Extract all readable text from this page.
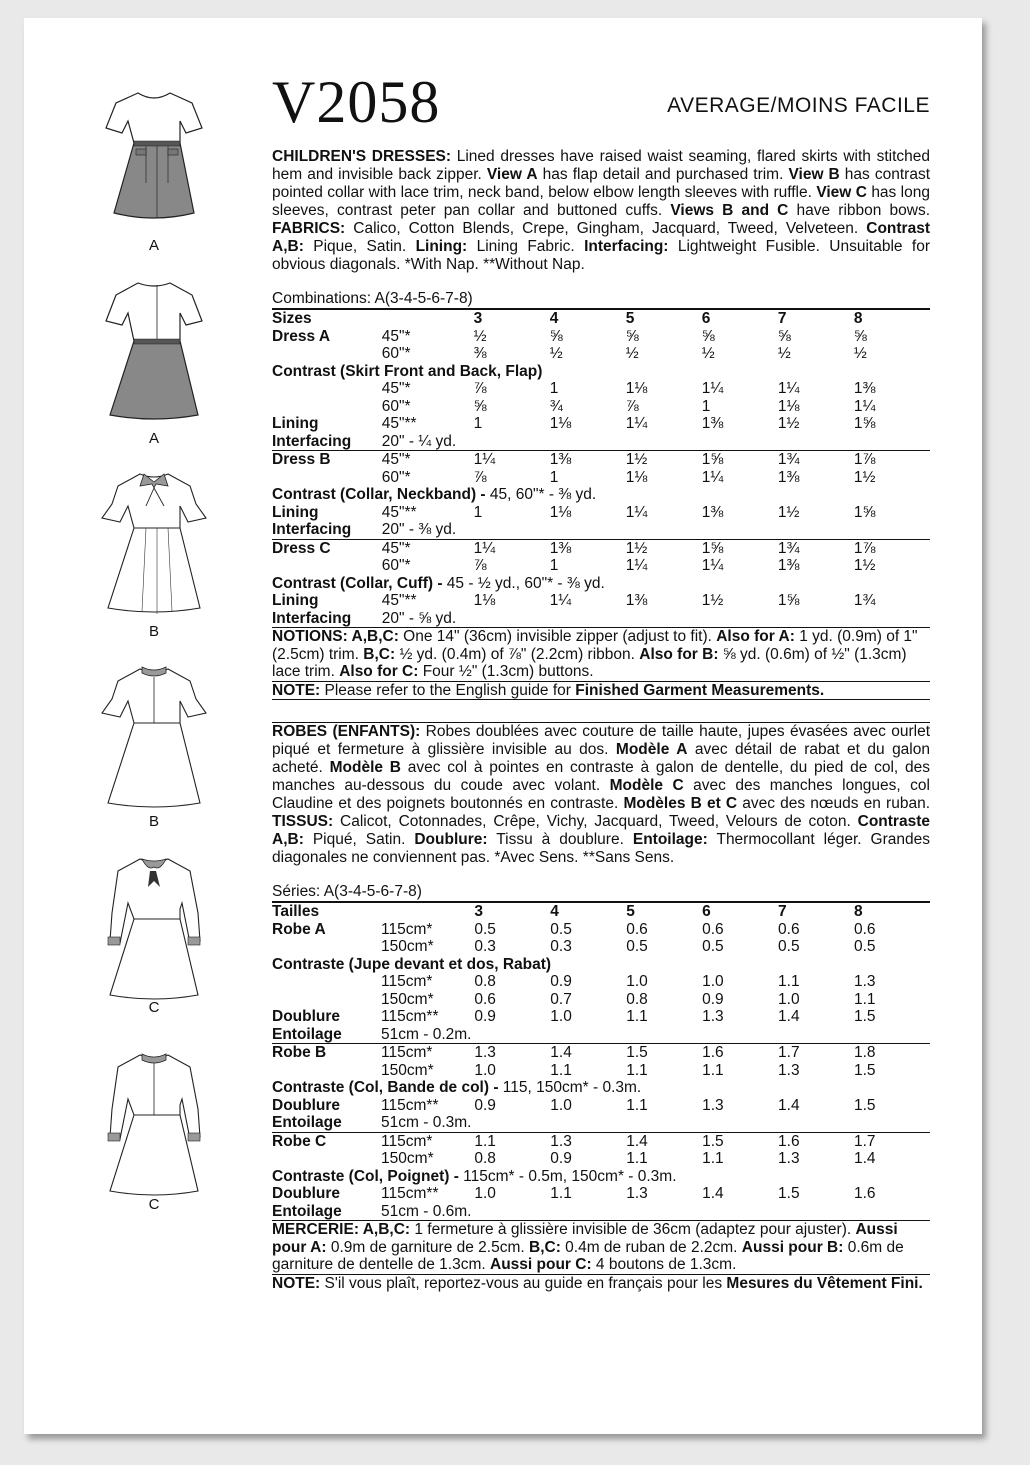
A
A
B
B
C
C
V2058	AVERAGE/MOINS FACILE

CHILDREN'S DRESSES: Lined dresses have raised waist seaming, flared skirts with stitched hem and invisible back zipper. View A has flap detail and purchased trim. View B has contrast pointed collar with lace trim, neck band, below elbow length sleeves with ruffle. View C has long sleeves, contrast peter pan collar and buttoned cuffs. Views B and C have ribbon bows. FABRICS: Calico, Cotton Blends, Crepe, Gingham, Jacquard, Tweed, Velveteen. Contrast A,B: Pique, Satin. Lining: Lining Fabric. Interfacing: Lightweight Fusible. Unsuitable for obvious diagonals. *With Nap. **Without Nap.

Combinations: A(3-4-5-6-7-8)
Sizes		3	4	5	6	7	8
Dress A	45"*	½	⅝	⅝	⅝	⅝	⅝
	60"*	⅜	½	½	½	½	½
Contrast (Skirt Front and Back, Flap)							
	45"*	⅞	1	1⅛	1¼	1¼	1⅜
	60"*	⅝	¾	⅞	1	1⅛	1¼
Lining	45"**	1	1⅛	1¼	1⅜	1½	1⅝
Interfacing	20" - ¼ yd.						
Dress B	45"*	1¼	1⅜	1½	1⅝	1¾	1⅞
	60"*	⅞	1	1⅛	1¼	1⅜	1½
Contrast (Collar, Neckband) - 45, 60"* - ⅜ yd.							
Lining	45"**	1	1⅛	1¼	1⅜	1½	1⅝
Interfacing	20" - ⅜ yd.						
Dress C	45"*	1¼	1⅜	1½	1⅝	1¾	1⅞
	60"*	⅞	1	1¼	1¼	1⅜	1½
Contrast (Collar, Cuff) - 45 - ½ yd., 60"* - ⅜ yd.							
Lining	45"**	1⅛	1¼	1⅜	1½	1⅝	1¾
Interfacing	20" - ⅝ yd.						

NOTIONS: A,B,C: One 14" (36cm) invisible zipper (adjust to fit). Also for A: 1 yd. (0.9m) of 1" (2.5cm) trim. B,C: ½ yd. (0.4m) of ⅞" (2.2cm) ribbon. Also for B: ⅝ yd. (0.6m) of ½" (1.3cm) lace trim. Also for C: Four ½" (1.3cm) buttons.

NOTE: Please refer to the English guide for Finished Garment Measurements.

ROBES (ENFANTS): Robes doublées avec couture de taille haute, jupes évasées avec ourlet piqué et fermeture à glissière invisible au dos. Modèle A avec détail de rabat et du galon acheté. Modèle B avec col à pointes en contraste à galon de dentelle, du pied de col, des manches au-dessous du coude avec volant. Modèle C avec des manches longues, col Claudine et des poignets boutonnés en contraste. Modèles B et C avec des nœuds en ruban. TISSUS: Calicot, Cotonnades, Crêpe, Vichy, Jacquard, Tweed, Velours de coton. Contraste A,B: Piqué, Satin. Doublure: Tissu à doublure. Entoilage: Thermocollant léger. Grandes diagonales ne conviennent pas. *Avec Sens. **Sans Sens.

Séries: A(3-4-5-6-7-8)
Tailles		3	4	5	6	7	8
Robe A	115cm*	0.5	0.5	0.6	0.6	0.6	0.6
	150cm*	0.3	0.3	0.5	0.5	0.5	0.5
Contraste (Jupe devant et dos, Rabat)							
	115cm*	0.8	0.9	1.0	1.0	1.1	1.3
	150cm*	0.6	0.7	0.8	0.9	1.0	1.1
Doublure	115cm**	0.9	1.0	1.1	1.3	1.4	1.5
Entoilage	51cm - 0.2m.						
Robe B	115cm*	1.3	1.4	1.5	1.6	1.7	1.8
	150cm*	1.0	1.1	1.1	1.1	1.3	1.5
Contraste (Col, Bande de col) - 115, 150cm* - 0.3m.							
Doublure	115cm**	0.9	1.0	1.1	1.3	1.4	1.5
Entoilage	51cm - 0.3m.						
Robe C	115cm*	1.1	1.3	1.4	1.5	1.6	1.7
	150cm*	0.8	0.9	1.1	1.1	1.3	1.4
Contraste (Col, Poignet) - 115cm* - 0.5m, 150cm* - 0.3m.							
Doublure	115cm**	1.0	1.1	1.3	1.4	1.5	1.6
Entoilage	51cm - 0.6m.						

MERCERIE: A,B,C: 1 fermeture à glissière invisible de 36cm (adaptez pour ajuster). Aussi pour A: 0.9m de garniture de 2.5cm. B,C: 0.4m de ruban de 2.2cm. Aussi pour B: 0.6m de garniture de dentelle de 1.3cm. Aussi pour C: 4 boutons de 1.3cm.

NOTE: S'il vous plaît, reportez-vous au guide en français pour les Mesures du Vêtement Fini.
